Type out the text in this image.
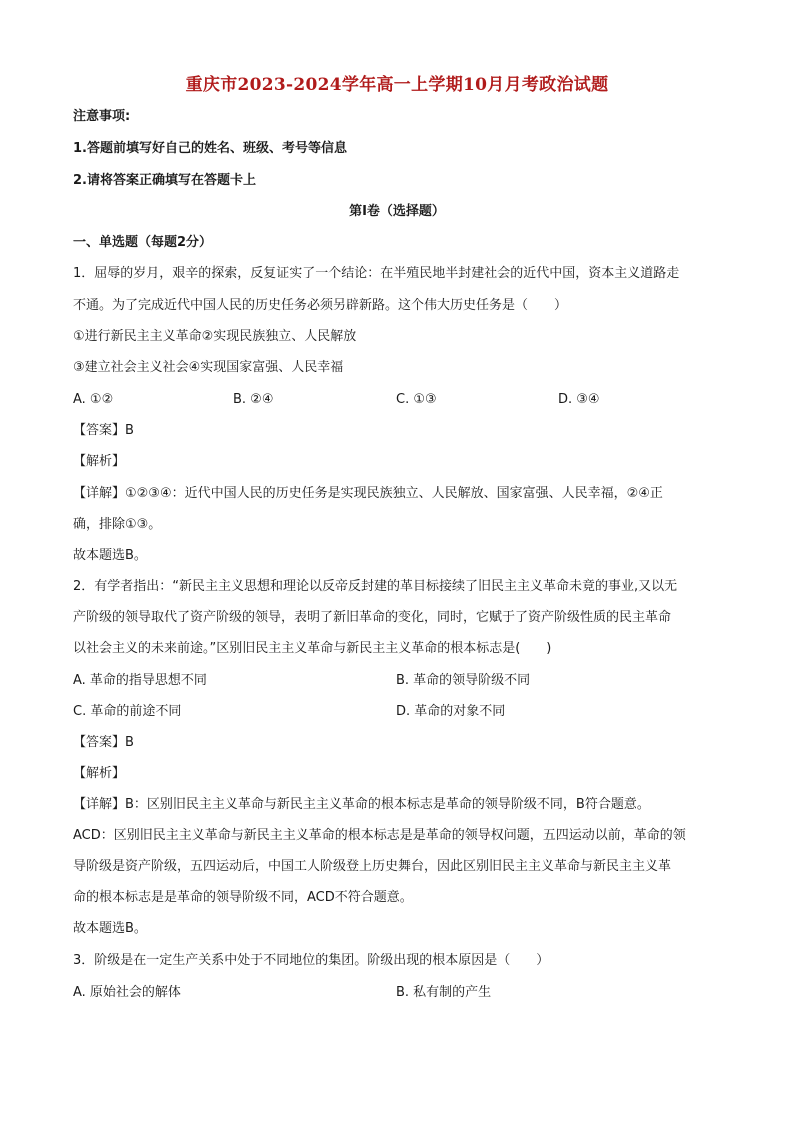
重庆市2023-2024学年高一上学期10月月考政治试题
注意事项:
1.答题前填写好自己的姓名、班级、考号等信息
2.请将答案正确填写在答题卡上
第I卷（选择题）
一、单选题（每题2分）
1．屈辱的岁月，艰辛的探索，反复证实了一个结论：在半殖民地半封建社会的近代中国，资本主义道路走
不通。为了完成近代中国人民的历史任务必须另辟新路。这个伟大历史任务是（　　）
①进行新民主主义革命②实现民族独立、人民解放
③建立社会主义社会④实现国家富强、人民幸福
A. ①②	B. ②④	C. ①③	D. ③④
【答案】B
【解析】
【详解】①②③④：近代中国人民的历史任务是实现民族独立、人民解放、国家富强、人民幸福，②④正
确，排除①③。
故本题选B。
2．有学者指出：“新民主主义思想和理论以反帝反封建的革目标接续了旧民主主义革命未竟的事业,又以无
产阶级的领导取代了资产阶级的领导，表明了新旧革命的变化，同时，它赋于了资产阶级性质的民主革命
以社会主义的未来前途。”区别旧民主主义革命与新民主主义革命的根本标志是(　　)
A. 革命的指导思想不同	B. 革命的领导阶级不同
C. 革命的前途不同	D. 革命的对象不同
【答案】B
【解析】
【详解】B：区别旧民主主义革命与新民主主义革命的根本标志是革命的领导阶级不同，B符合题意。
ACD：区别旧民主主义革命与新民主主义革命的根本标志是是革命的领导权问题，五四运动以前，革命的领
导阶级是资产阶级，五四运动后，中国工人阶级登上历史舞台，因此区别旧民主主义革命与新民主主义革
命的根本标志是是革命的领导阶级不同，ACD不符合题意。
故本题选B。
3．阶级是在一定生产关系中处于不同地位的集团。阶级出现的根本原因是（　　）
A. 原始社会的解体	B. 私有制的产生
